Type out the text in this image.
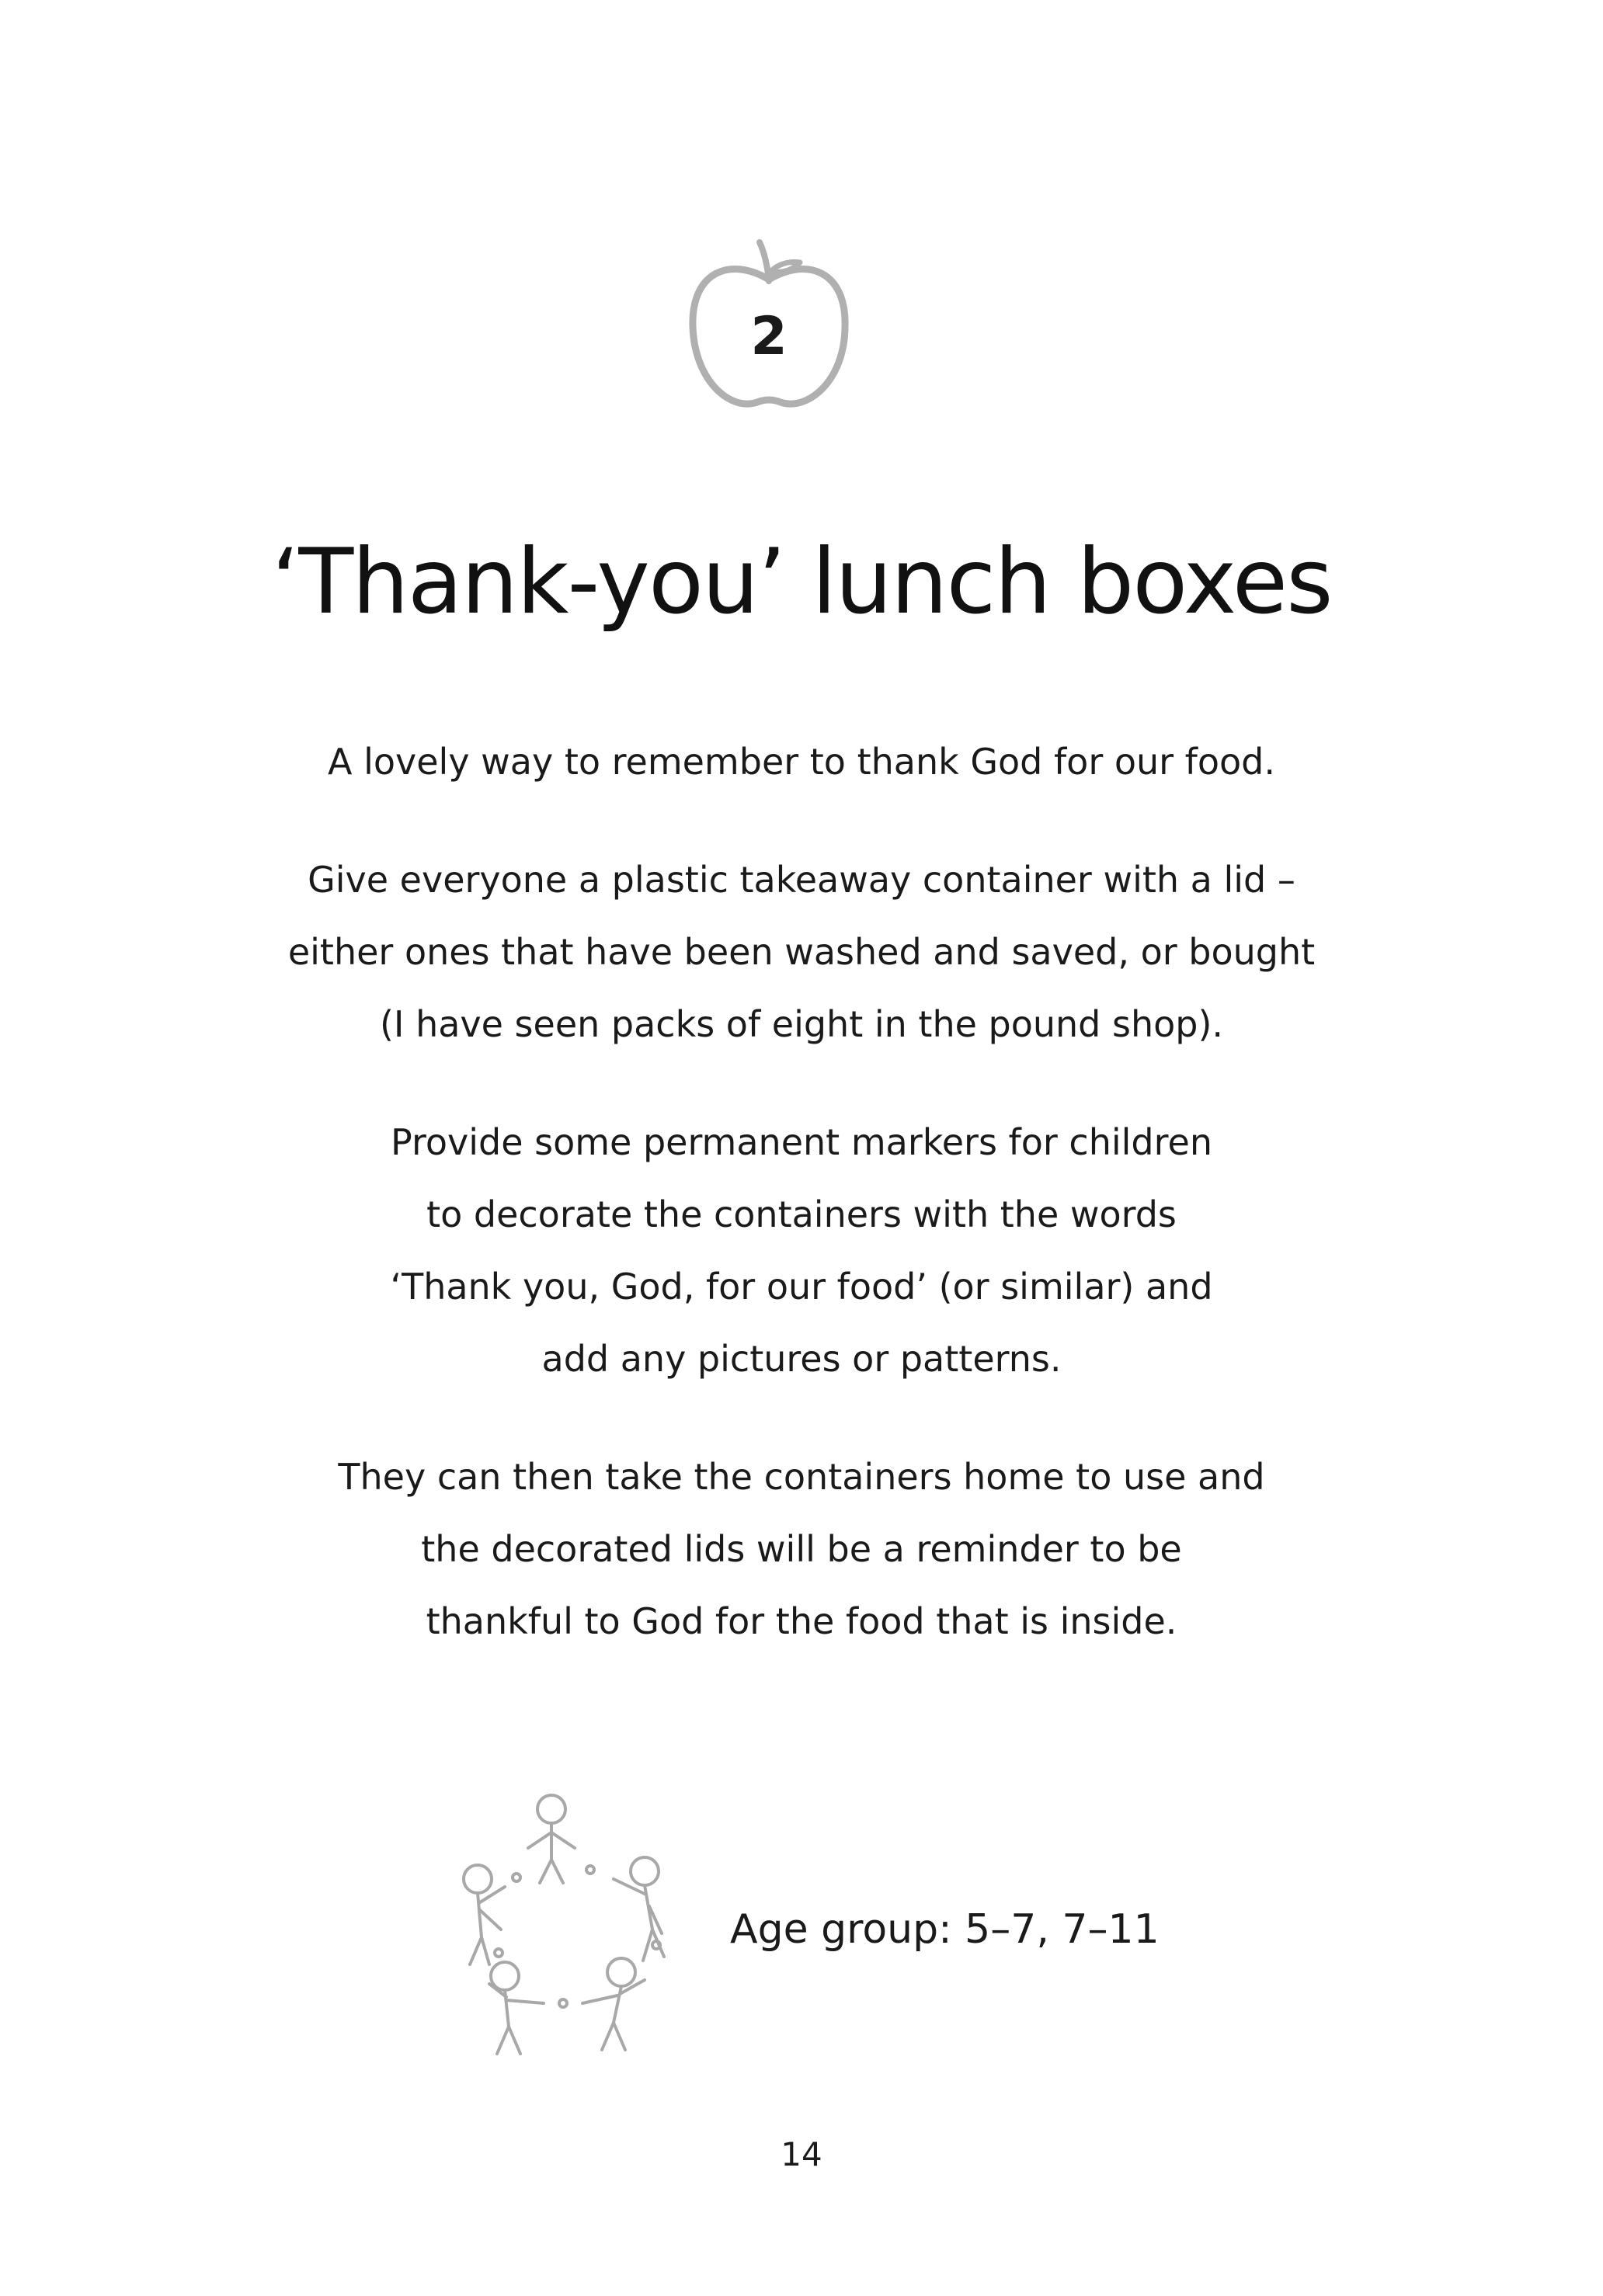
2
‘Thank-you’ lunch boxes

A lovely way to remember to thank God for our food.

Give everyone a plastic takeaway container with a lid –
either ones that have been washed and saved, or bought
(I have seen packs of eight in the pound shop).

Provide some permanent markers for children
to decorate the containers with the words
‘Thank you, God, for our food’ (or similar) and
add any pictures or patterns.

They can then take the containers home to use and
the decorated lids will be a reminder to be
thankful to God for the food that is inside.

Age group: 5–7, 7–11
14
